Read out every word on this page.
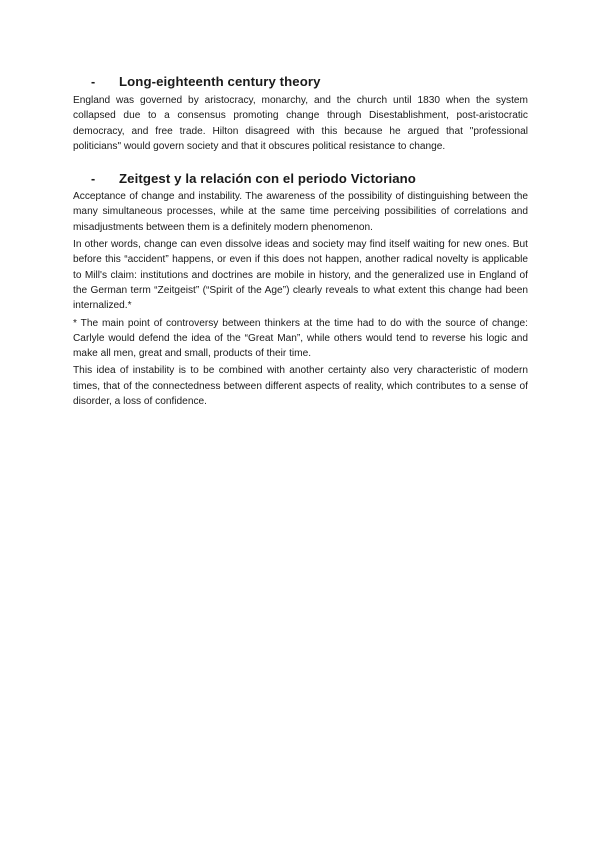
-	Long-eighteenth century theory

England was governed by aristocracy, monarchy, and the church until 1830 when the system collapsed due to a consensus promoting change through Disestablishment, post-aristocratic democracy, and free trade. Hilton disagreed with this because he argued that "professional politicians" would govern society and that it obscures political resistance to change.

-	Zeitgest y la relación con el periodo Victoriano

Acceptance of change and instability. The awareness of the possibility of distinguishing between the many simultaneous processes, while at the same time perceiving possibilities of correlations and misadjustments between them is a definitely modern phenomenon.

In other words, change can even dissolve ideas and society may find itself waiting for new ones. But before this “accident” happens, or even if this does not happen, another radical novelty is applicable to Mill's claim: institutions and doctrines are mobile in history, and the generalized use in England of the German term “Zeitgeist” (“Spirit of the Age”) clearly reveals to what extent this change had been internalized.*

* The main point of controversy between thinkers at the time had to do with the source of change: Carlyle would defend the idea of the “Great Man”, while others would tend to reverse his logic and make all men, great and small, products of their time.

This idea of instability is to be combined with another certainty also very characteristic of modern times, that of the connectedness between different aspects of reality, which contributes to a sense of disorder, a loss of confidence.
